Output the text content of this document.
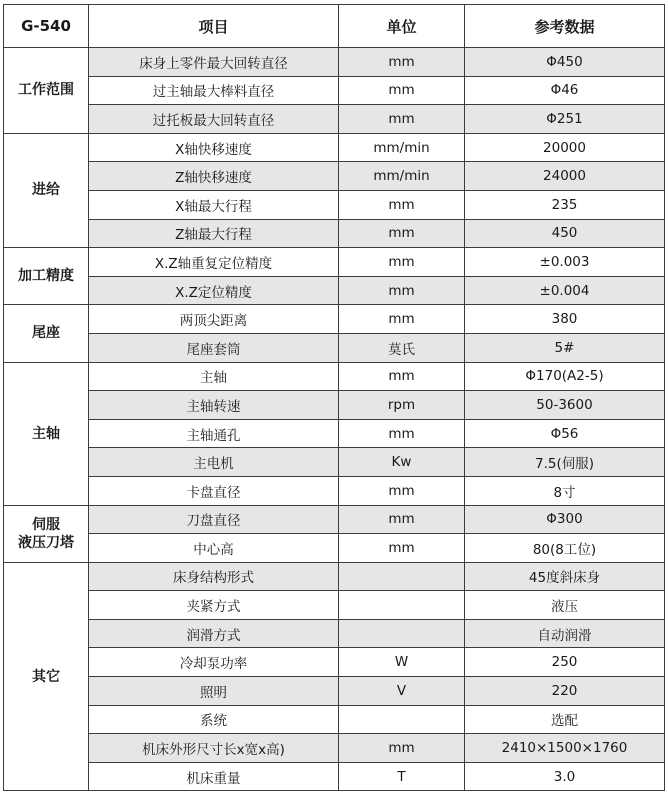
G-540	项目	单位	参考数据

工作范围	床身上零件最大回转直径	mm	Φ450
	过主轴最大棒料直径	mm	Φ46
	过托板最大回转直径	mm	Φ251

进给	X轴快移速度	mm/min	20000
	Z轴快移速度	mm/min	24000
	X轴最大行程	mm	235
	Z轴最大行程	mm	450

加工精度	X.Z轴重复定位精度	mm	±0.003
	X.Z定位精度	mm	±0.004

尾座	两顶尖距离	mm	380
	尾座套筒	莫氏	5#

主轴	主轴	mm	Φ170(A2-5)
	主轴转速	rpm	50-3600
	主轴通孔	mm	Φ56
	主电机	Kw	7.5(伺服)
	卡盘直径	mm	8寸

伺服
液压刀塔	刀盘直径	mm	Φ300
	中心高	mm	80(8工位)

其它	床身结构形式		45度斜床身
	夹紧方式		液压
	润滑方式		自动润滑
	冷却泵功率	W	250
	照明	V	220
	系统		选配
	机床外形尺寸长x宽x高)	mm	2410×1500×1760
	机床重量	T	3.0
